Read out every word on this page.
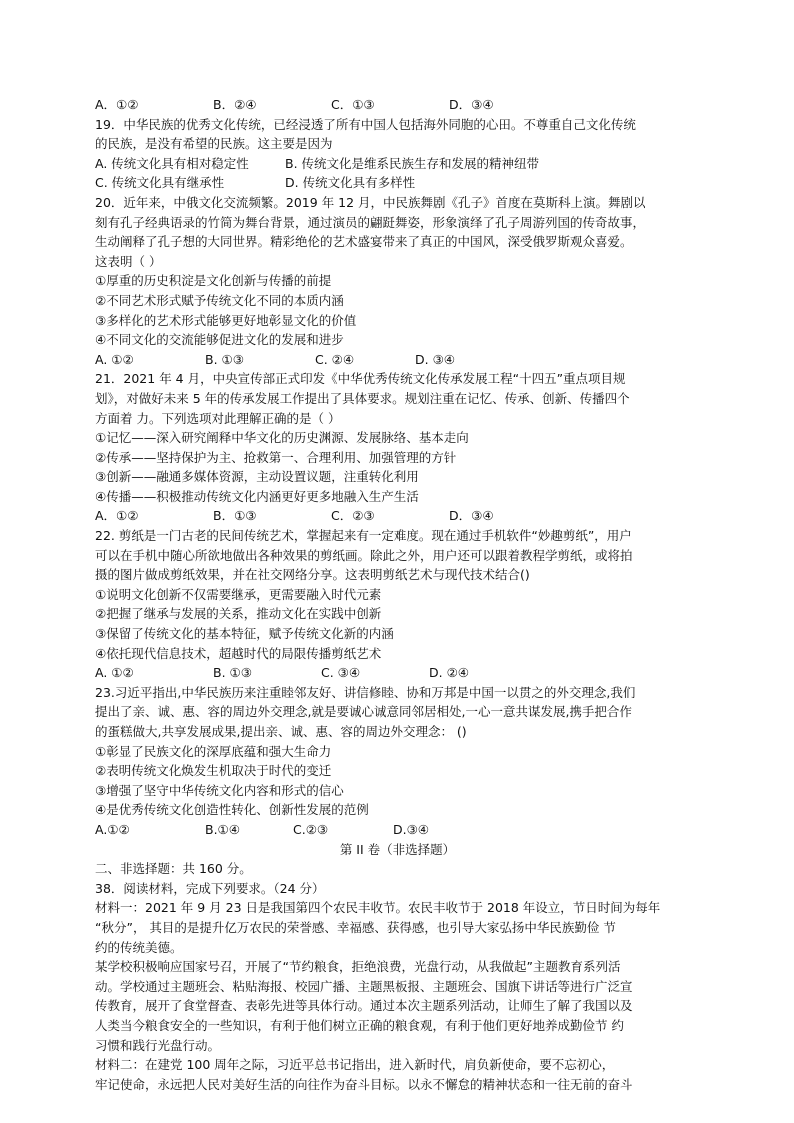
A．①②	B．②④	C．①③	D．③④
19．中华民族的优秀文化传统，已经浸透了所有中国人包括海外同胞的心田。不尊重自己文化传统
的民族，是没有希望的民族。这主要是因为
A. 传统文化具有相对稳定性	B. 传统文化是维系民族生存和发展的精神纽带
C. 传统文化具有继承性	D. 传统文化具有多样性
20．近年来，中俄文化交流频繁。2019 年 12 月，中民族舞剧《孔子》首度在莫斯科上演。舞剧以
刻有孔子经典语录的竹简为舞台背景，通过演员的翩跹舞姿，形象演绎了孔子周游列国的传奇故事，
生动阐释了孔子想的大同世界。精彩绝伦的艺术盛宴带来了真正的中国风，深受俄罗斯观众喜爱。
这表明（ ）
①厚重的历史积淀是文化创新与传播的前提
②不同艺术形式赋予传统文化不同的本质内涵
③多样化的艺术形式能够更好地彰显文化的价值
④不同文化的交流能够促进文化的发展和进步
A. ①②	B. ①③	C. ②④	D. ③④
21．2021 年 4 月，中央宣传部正式印发《中华优秀传统文化传承发展工程“十四五”重点项目规
划》，对做好未来 5 年的传承发展工作提出了具体要求。规划注重在记忆、传承、创新、传播四个
方面着 力。下列选项对此理解正确的是（ ）
①记忆——深入研究阐释中华文化的历史渊源、发展脉络、基本走向
②传承——坚持保护为主、抢救第一、合理利用、加强管理的方针
③创新——融通多媒体资源，主动设置议题，注重转化利用
④传播——积极推动传统文化内涵更好更多地融入生产生活
A．①②	B．①③	C．②③	D．③④
22. 剪纸是一门古老的民间传统艺术，掌握起来有一定难度。现在通过手机软件“妙趣剪纸”，用户
可以在手机中随心所欲地做出各种效果的剪纸画。除此之外，用户还可以跟着教程学剪纸，或将拍
摄的图片做成剪纸效果，并在社交网络分享。这表明剪纸艺术与现代技术结合()
①说明文化创新不仅需要继承，更需要融入时代元素
②把握了继承与发展的关系，推动文化在实践中创新
③保留了传统文化的基本特征，赋予传统文化新的内涵
④依托现代信息技术，超越时代的局限传播剪纸艺术
A. ①②	B. ①③	C. ③④	D. ②④
23.习近平指出,中华民族历来注重睦邻友好、讲信修睦、协和万邦是中国一以贯之的外交理念,我们
提出了亲、诚、惠、容的周边外交理念,就是要诚心诚意同邻居相处,一心一意共谋发展,携手把合作
的蛋糕做大,共享发展成果,提出亲、诚、惠、容的周边外交理念： ()
①彰显了民族文化的深厚底蕴和强大生命力
②表明传统文化焕发生机取决于时代的变迁
③增强了坚守中华传统文化内容和形式的信心
④是优秀传统文化创造性转化、创新性发展的范例
A.①②	B.①④	C.②③	D.③④
第 II 卷（非选择题）
二、非选择题：共 160 分。
38．阅读材料，完成下列要求。（24 分）
材料一：2021 年 9 月 23 日是我国第四个农民丰收节。农民丰收节于 2018 年设立，节日时间为每年
“秋分”， 其目的是提升亿万农民的荣誉感、幸福感、获得感，也引导大家弘扬中华民族勤俭 节
约的传统美德。
某学校积极响应国家号召，开展了“节约粮食，拒绝浪费，光盘行动，从我做起”主题教育系列活
动。学校通过主题班会、粘贴海报、校园广播、主题黑板报、主题班会、国旗下讲话等进行广泛宣
传教育，展开了食堂督查、表彰先进等具体行动。通过本次主题系列活动，让师生了解了我国以及
人类当今粮食安全的一些知识，有利于他们树立正确的粮食观，有利于他们更好地养成勤俭节 约
习惯和践行光盘行动。
材料二：在建党 100 周年之际，习近平总书记指出，进入新时代，肩负新使命，要不忘初心，
牢记使命，永远把人民对美好生活的向往作为奋斗目标。以永不懈怠的精神状态和一往无前的奋斗
